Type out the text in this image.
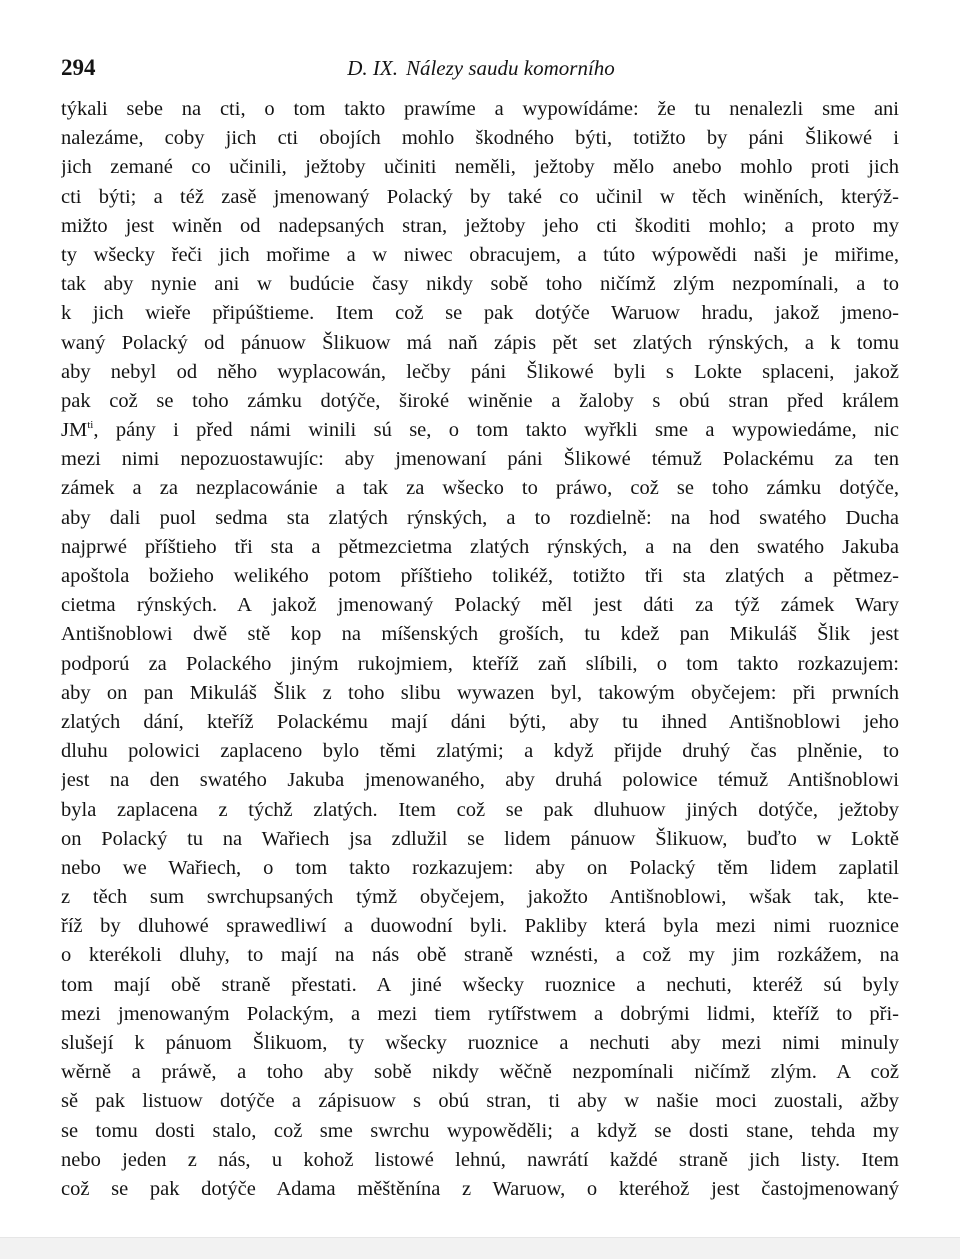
294	D. IX. Nálezy saudu komorního
týkali sebe na cti, o tom takto prawíme a wypowídáme: že tu nenalezli sme ani
nalezáme, coby jich cti obojích mohlo škodného býti, totižto by páni Šlikowé i
jich zemané co učinili, ježtoby učiniti neměli, ježtoby mělo anebo mohlo proti jich
cti býti; a též zasě jmenowaný Polacký by také co učinil w těch winěních, kterýž-
mižto jest winěn od nadepsaných stran, ježtoby jeho cti škoditi mohlo; a proto my
ty wšecky řeči jich mořime a w niwec obracujem, a túto wýpowědi naši je miřime,
tak aby nynie ani w budúcie časy nikdy sobě toho ničímž zlým nezpomínali, a to
k jich wieře připúštieme. Item což se pak dotýče Waruow hradu, jakož jmeno-
waný Polacký od pánuow Šlikuow má naň zápis pět set zlatých rýnských, a k tomu
aby nebyl od něho wyplacowán, lečby páni Šlikowé byli s Lokte splaceni, jakož
pak což se toho zámku dotýče, široké winěnie a žaloby s obú stran před králem
$JM^{ti}$, pány i před námi winili sú se, o tom takto wyřkli sme a wypowiedáme, nic
mezi nimi nepozuostawujíc: aby jmenowaní páni Šlikowé témuž Polackému za ten
zámek a za nezplacowánie a tak za wšecko to práwo, což se toho zámku dotýče,
aby dali puol sedma sta zlatých rýnských, a to rozdielně: na hod swatého Ducha
najprwé příštieho tři sta a pětmezcietma zlatých rýnských, a na den swatého Jakuba
apoštola božieho welikého potom příštieho tolikéž, totižto tři sta zlatých a pětmez-
cietma rýnských. A jakož jmenowaný Polacký měl jest dáti za týž zámek Wary
Antišnoblowi dwě stě kop na míšenských groších, tu kdež pan Mikuláš Šlik jest
podporú za Polackého jiným rukojmiem, kteříž zaň slíbili, o tom takto rozkazujem:
aby on pan Mikuláš Šlik z toho slibu wywazen byl, takowým obyčejem: při prwních
zlatých dání, kteříž Polackému mají dáni býti, aby tu ihned Antišnoblowi jeho
dluhu polowici zaplaceno bylo těmi zlatými; a když přijde druhý čas plněnie, to
jest na den swatého Jakuba jmenowaného, aby druhá polowice témuž Antišnoblowi
byla zaplacena z týchž zlatých. Item což se pak dluhuow jiných dotýče, ježtoby
on Polacký tu na Wařiech jsa zdlužil se lidem pánuow Šlikuow, buďto w Loktě
nebo we Wařiech, o tom takto rozkazujem: aby on Polacký těm lidem zaplatil
z těch sum swrchupsaných týmž obyčejem, jakožto Antišnoblowi, wšak tak, kte-
říž by dluhowé sprawedliwí a duowodní byli. Pakliby která byla mezi nimi ruoznice
o kterékoli dluhy, to mají na nás obě straně wznésti, a což my jim rozkážem, na
tom mají obě straně přestati. A jiné wšecky ruoznice a nechuti, kteréž sú byly
mezi jmenowaným Polackým, a mezi tiem rytířstwem a dobrými lidmi, kteříž to při-
slušejí k pánuom Šlikuom, ty wšecky ruoznice a nechuti aby mezi nimi minuly
wěrně a práwě, a toho aby sobě nikdy wěčně nezpomínali ničímž zlým. A což
sě pak listuow dotýče a zápisuow s obú stran, ti aby w našie moci zuostali, ažby
se tomu dosti stalo, což sme swrchu wypowěděli; a když se dosti stane, tehda my
nebo jeden z nás, u kohož listowé lehnú, nawrátí každé straně jich listy. Item
což se pak dotýče Adama měštěnína z Waruow, o kteréhož jest častojmenowaný
